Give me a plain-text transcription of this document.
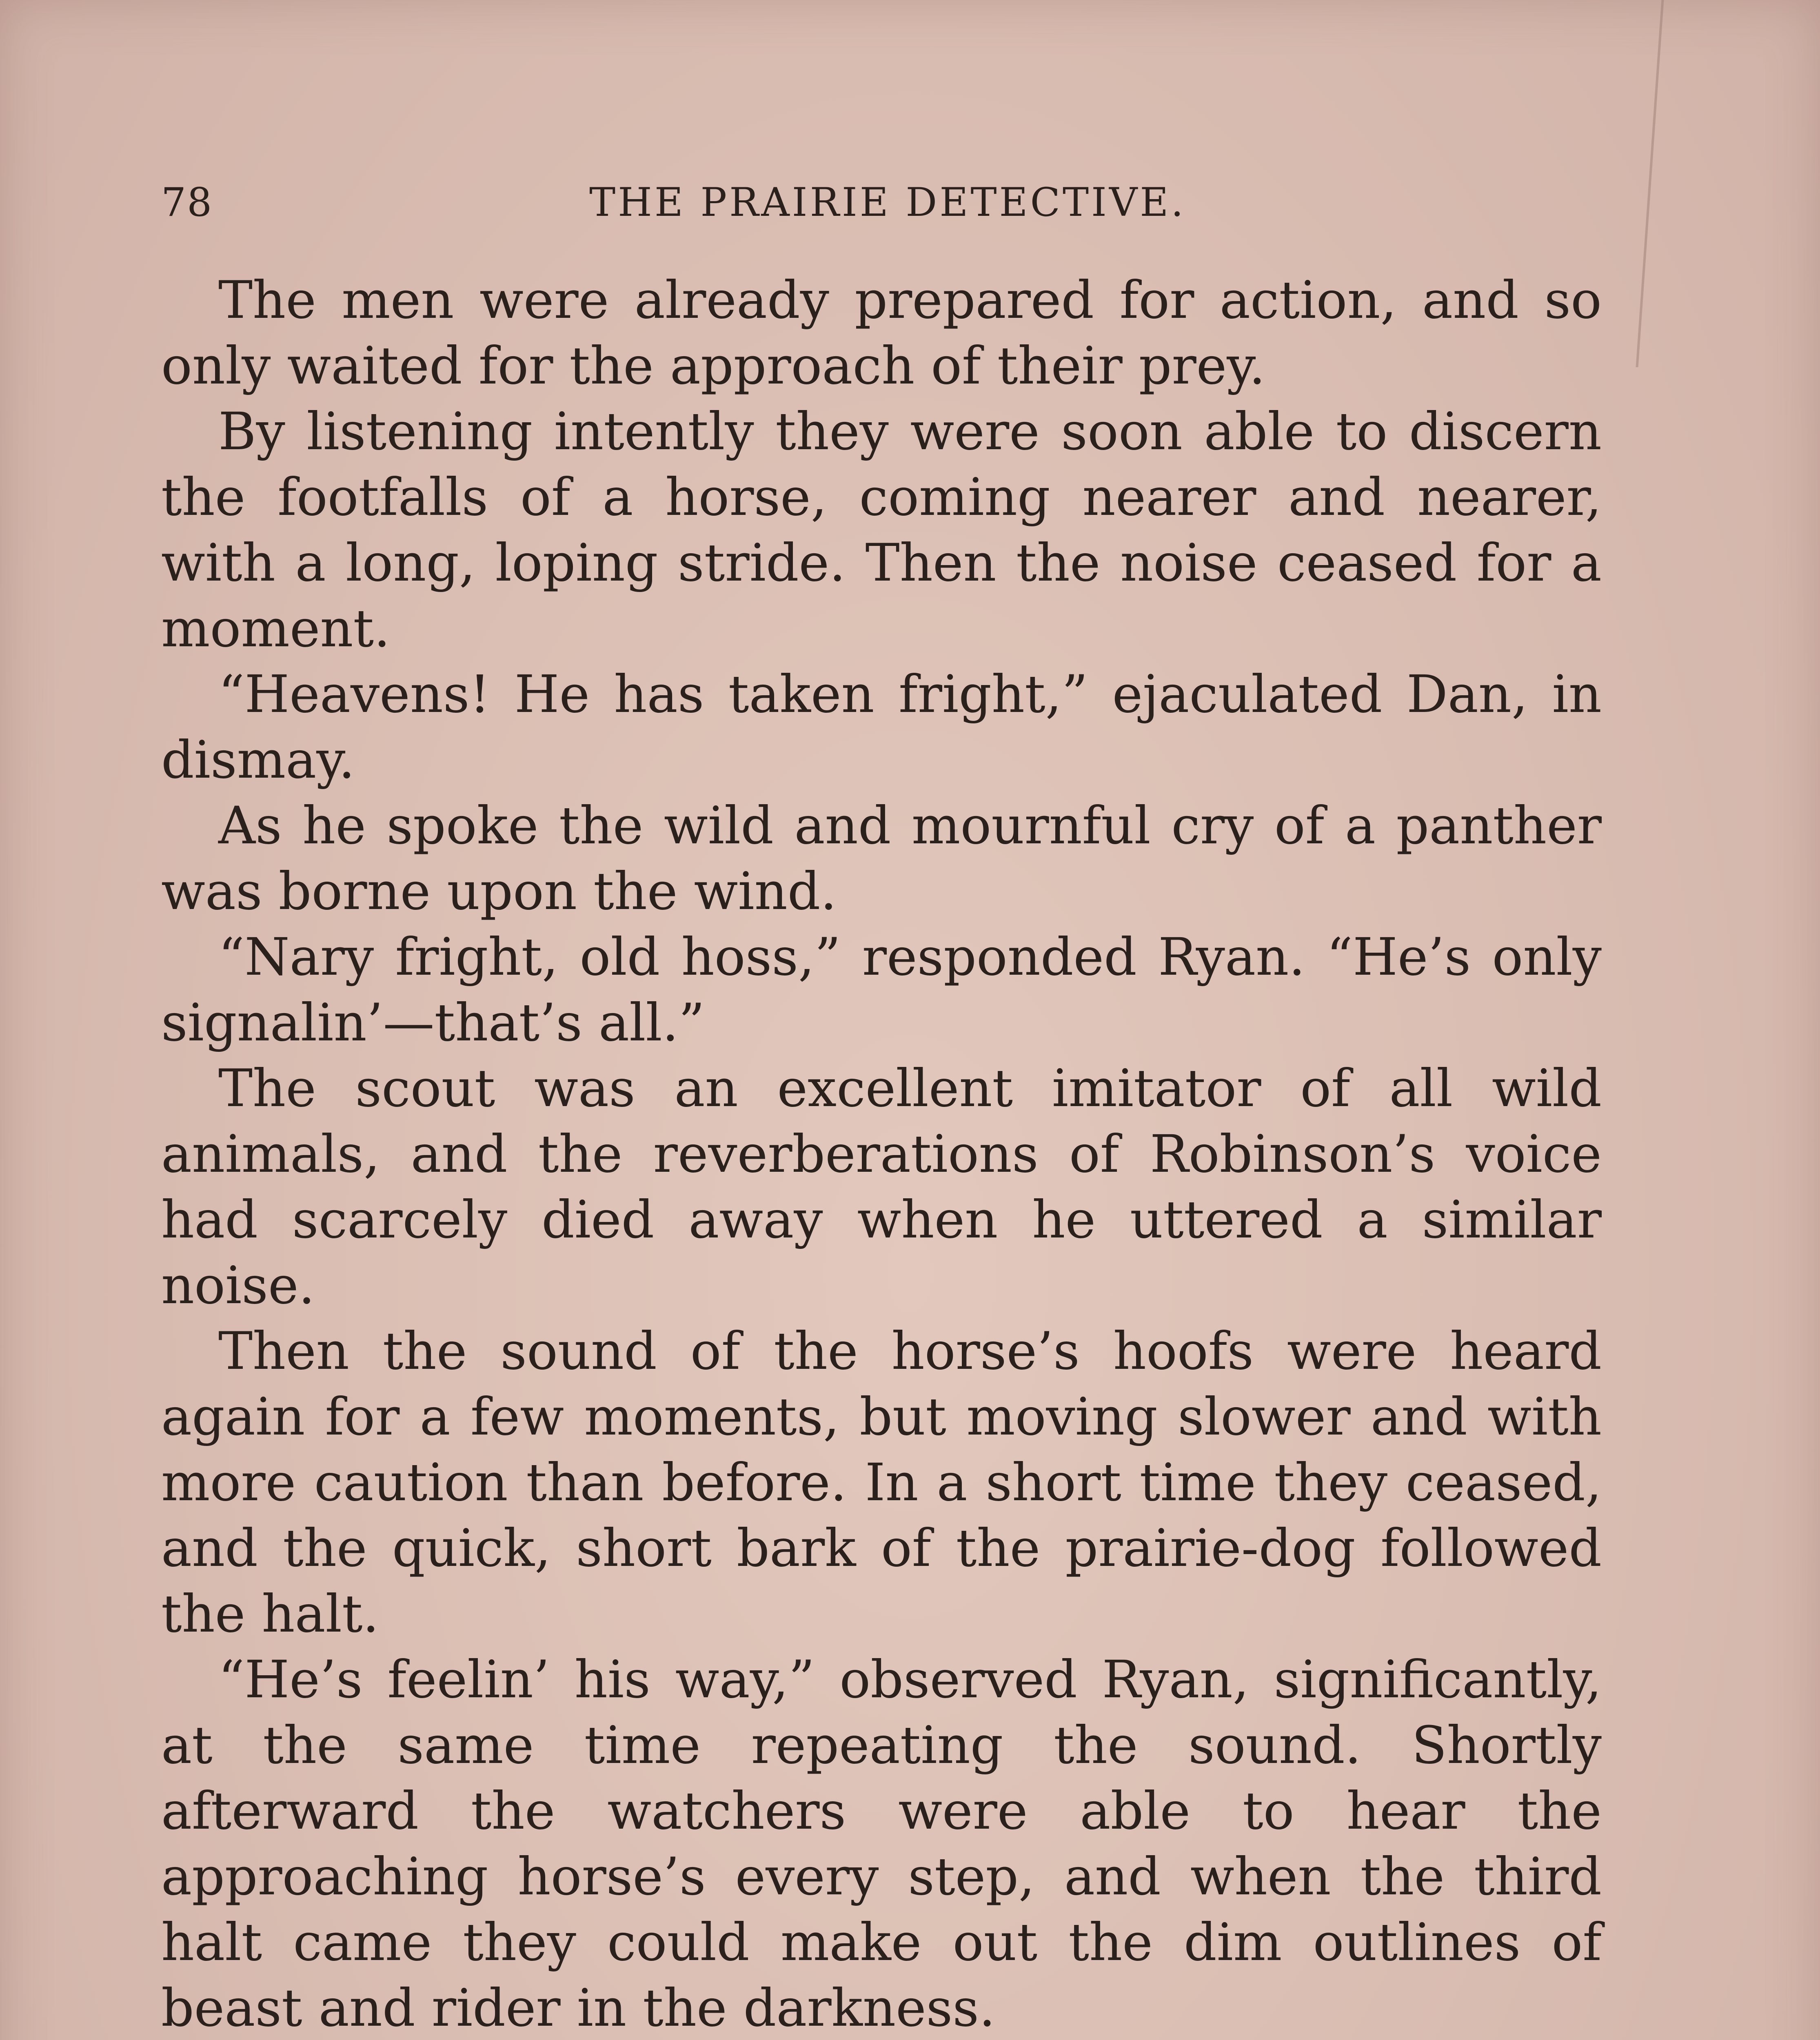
78	THE PRAIRIE DETECTIVE.

The men were already prepared for action, and so only waited for the approach of their prey.

By listening intently they were soon able to discern the footfalls of a horse, coming nearer and nearer, with a long, loping stride. Then the noise ceased for a moment.

“Heavens! He has taken fright,” ejaculated Dan, in dismay.

As he spoke the wild and mournful cry of a panther was borne upon the wind.

“Nary fright, old hoss,” responded Ryan. “He’s only signalin’—that’s all.”

The scout was an excellent imitator of all wild animals, and the reverberations of Robinson’s voice had scarcely died away when he uttered a similar noise.

Then the sound of the horse’s hoofs were heard again for a few moments, but moving slower and with more caution than before. In a short time they ceased, and the quick, short bark of the prairie-dog followed the halt.

“He’s feelin’ his way,” observed Ryan, significantly, at the same time repeating the sound. Shortly afterward the watchers were able to hear the approaching horse’s every step, and when the third halt came they could make out the dim outlines of beast and rider in the darkness.
